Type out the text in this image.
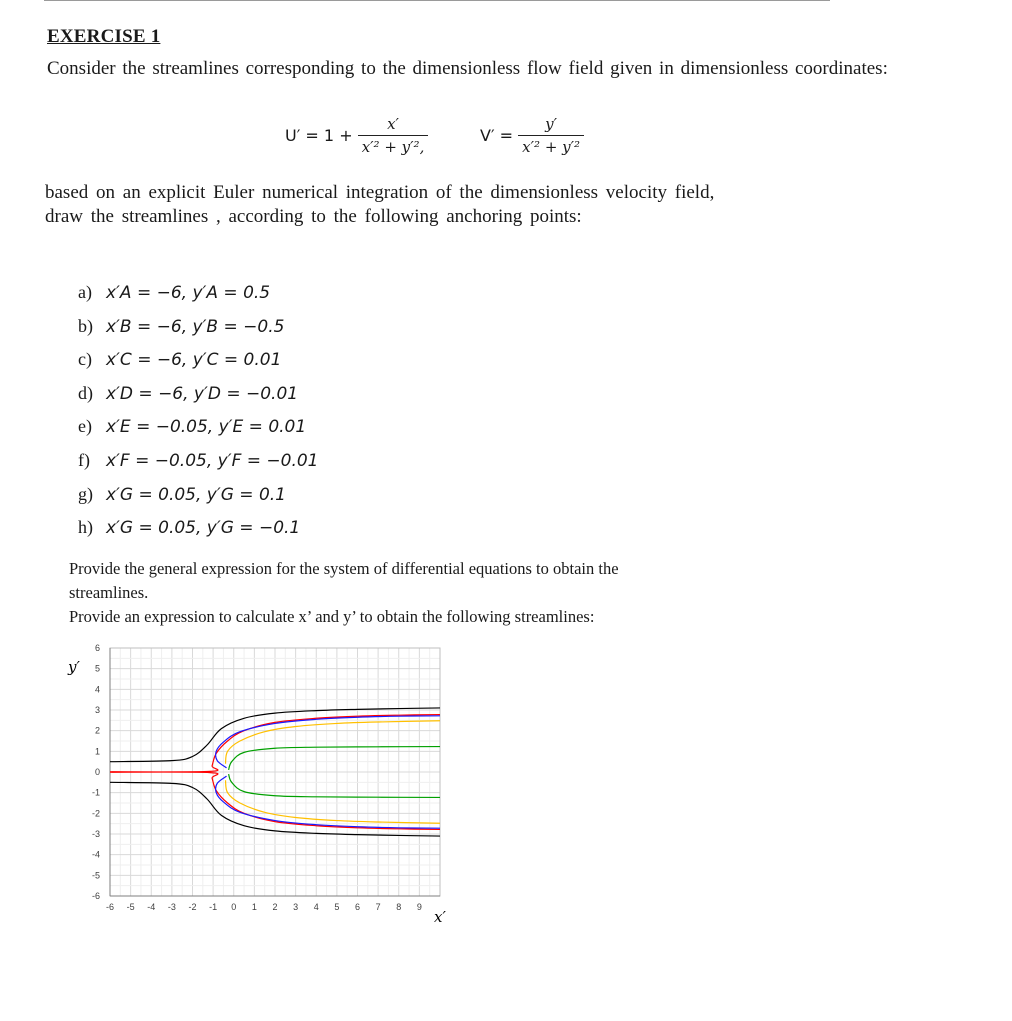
EXERCISE 1
Consider the streamlines corresponding to the dimensionless flow field given in dimensionless coordinates:
$U' = 1 + \frac{x'}{\text{x′² + y′²,}}$	$V' = \frac{y'}{\text{x′² + y′²}}$
based on an explicit Euler numerical integration of the dimensionless velocity field,
draw the streamlines , according to the following anchoring points:
a) x′A = −6, y′A = 0.5
b) x′B = −6, y′B = −0.5
c) x′C = −6, y′C = 0.01
d) x′D = −6, y′D = −0.01
e) x′E = −0.05, y′E = 0.01
f) x′F = −0.05, y′F = −0.01
g) x′G = 0.05, y′G = 0.1
h) x′G = 0.05, y′G = −0.1
Provide the general expression for the system of differential equations to obtain the
streamlines.
Provide an expression to calculate x’ and y’ to obtain the following streamlines:
-6 -5 -4 -3 -2 -1 0 1 2 3 4 5 6 7 8 9
6
5
4
3
2
1
0
-1
-2
-3
-4
-5
-6
y′
x′
